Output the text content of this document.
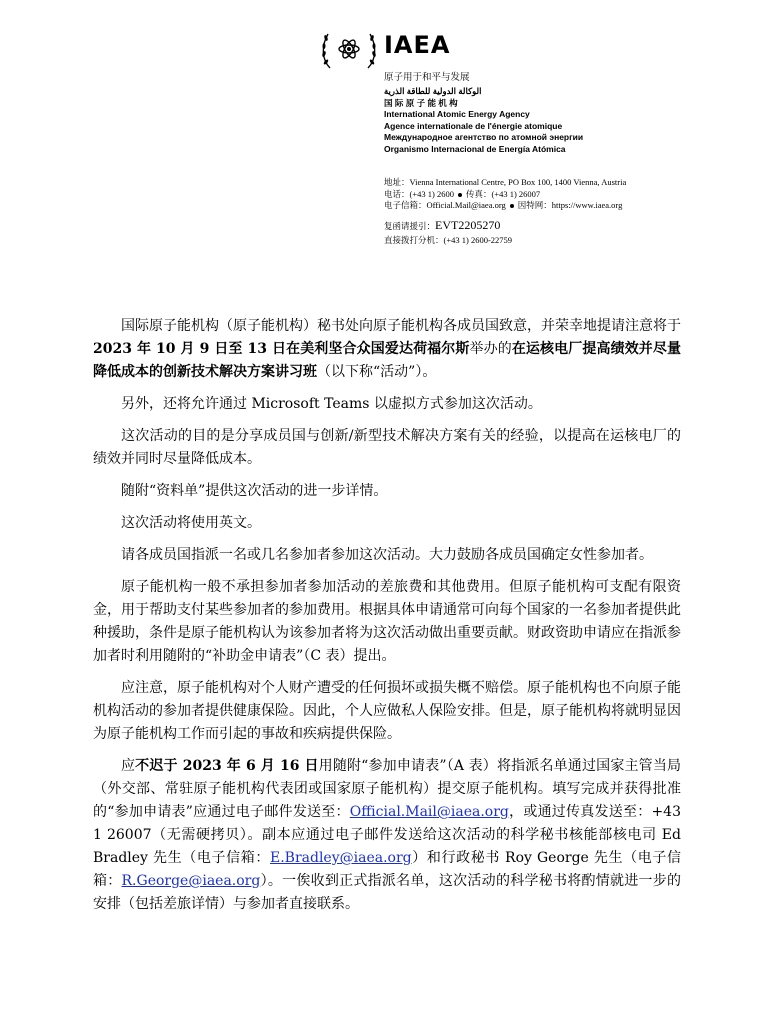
IAEA
原子用于和平与发展
الوكالة الدولية للطاقة الذرية
国 际 原 子 能 机 构
International Atomic Energy Agency
Agence internationale de l'énergie atomique
Международное агентство по атомной энергии
Organismo Internacional de Energía Atómica
地址：Vienna International Centre, PO Box 100, 1400 Vienna, Austria
电话：(+43 1) 2600 传真：(+43 1) 26007
电子信箱：Official.Mail@iaea.org 因特网：https://www.iaea.org
复函请援引：EVT2205270
直接拨打分机：(+43 1) 2600-22759

国际原子能机构（原子能机构）秘书处向原子能机构各成员国致意，并荣幸地提请注意将于2023 年 10 月 9 日至 13 日在美利坚合众国爱达荷福尔斯举办的在运核电厂提高绩效并尽量降低成本的创新技术解决方案讲习班（以下称“活动”）。

另外，还将允许通过 Microsoft Teams 以虚拟方式参加这次活动。

这次活动的目的是分享成员国与创新/新型技术解决方案有关的经验，以提高在运核电厂的绩效并同时尽量降低成本。

随附“资料单”提供这次活动的进一步详情。

这次活动将使用英文。

请各成员国指派一名或几名参加者参加这次活动。大力鼓励各成员国确定女性参加者。

原子能机构一般不承担参加者参加活动的差旅费和其他费用。但原子能机构可支配有限资金，用于帮助支付某些参加者的参加费用。根据具体申请通常可向每个国家的一名参加者提供此种援助，条件是原子能机构认为该参加者将为这次活动做出重要贡献。财政资助申请应在指派参加者时利用随附的“补助金申请表”（C 表）提出。

应注意，原子能机构对个人财产遭受的任何损坏或损失概不赔偿。原子能机构也不向原子能机构活动的参加者提供健康保险。因此，个人应做私人保险安排。但是，原子能机构将就明显因为原子能机构工作而引起的事故和疾病提供保险。

应不迟于 2023 年 6 月 16 日用随附“参加申请表”（A 表）将指派名单通过国家主管当局（外交部、常驻原子能机构代表团或国家原子能机构）提交原子能机构。填写完成并获得批准的“参加申请表”应通过电子邮件发送至：Official.Mail@iaea.org，或通过传真发送至：+43 1 26007（无需硬拷贝）。副本应通过电子邮件发送给这次活动的科学秘书核能部核电司 Ed Bradley 先生（电子信箱：E.Bradley@iaea.org）和行政秘书 Roy George 先生（电子信箱：R.George@iaea.org）。一俟收到正式指派名单，这次活动的科学秘书将酌情就进一步的安排（包括差旅详情）与参加者直接联系。
